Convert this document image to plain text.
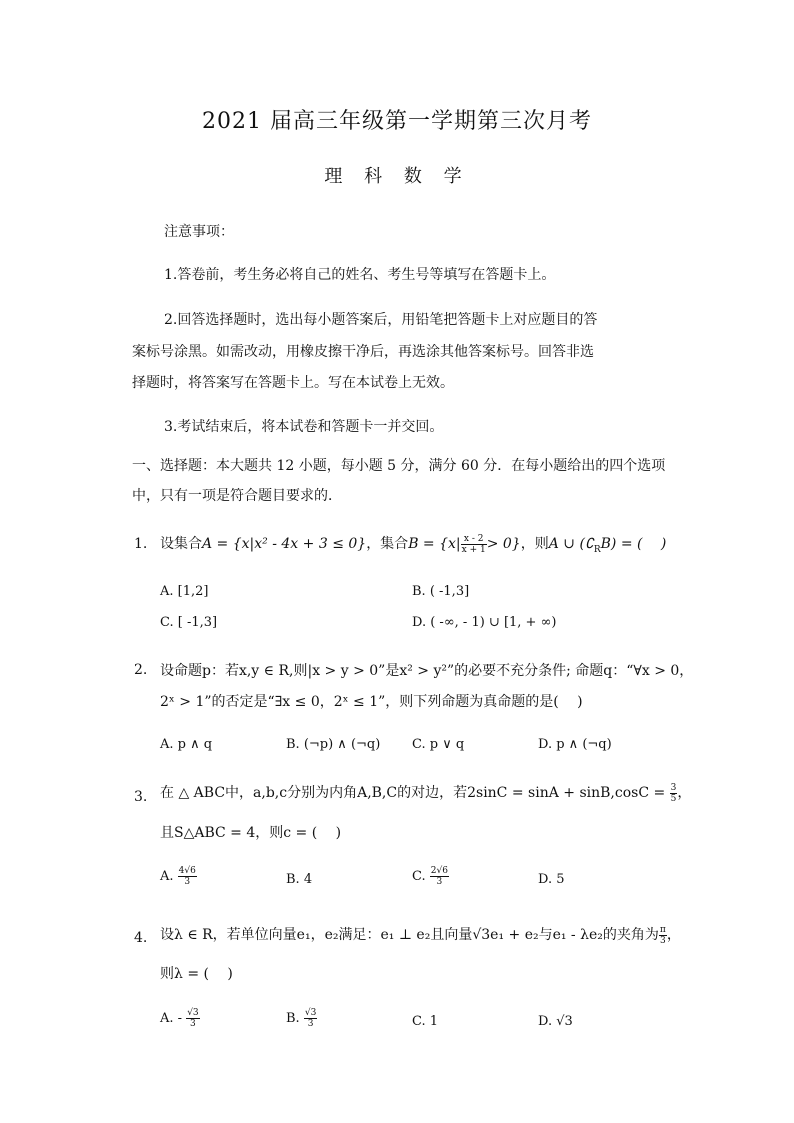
2021 届高三年级第一学期第三次月考
理 科 数 学
注意事项：
1.答卷前，考生务必将自己的姓名、考生号等填写在答题卡上。
2.回答选择题时，选出每小题答案后，用铅笔把答题卡上对应题目的答
案标号涂黑。如需改动，用橡皮擦干净后，再选涂其他答案标号。回答非选
择题时，将答案写在答题卡上。写在本试卷上无效。
3.考试结束后，将本试卷和答题卡一并交回。
一、选择题：本大题共 12 小题，每小题 5 分，满分 60 分．在每小题给出的四个选项
中，只有一项是符合题目要求的．
1. 设集合A = {x|x² - 4x + 3 ≤ 0}，集合$B = \{x| \frac{x - 2}{x + 1} > 0\}$，则A ∪ $(∁_RB)$ = (　 )
A. [1,2]	B. ( -1,3]
C. [ -1,3]	D. ( -∞, - 1) ∪ [1, + ∞)
2. 设命题p：若x,y ∈ R,则|x > y > 0”是x² > y²”的必要不充分条件; 命题q：“∀x > 0，
2ˣ > 1”的否定是“∃x ≤ 0，2ˣ ≤ 1”，则下列命题为真命题的是(　 )
A. p ∧ q	B. (¬p) ∧ (¬q) C. p ∨ q	D. p ∧ (¬q)
3. 在 △ ABC中，a,b,c分别为内角A,B,C的对边，若$2\sin C = \sin A + \sin B,\cos C = \frac{3}{5}$ ，
且S△ABC = 4，则c = (　 )
A. $\frac{4√6}{3}$	B. 4	C. $\frac{2√6}{3}$	D. 5
4. 设λ ∈ R，若单位向量e₁，e₂满足：e₁ ⊥ e₂且向量√3e₁ + e₂与e₁ - λe₂的夹角为 $\frac{\pi}{3}$ ，
则λ = (　 )
A. - $\frac{√3}{3}$	B. $\frac{√3}{3}$	C. 1	D. √3
